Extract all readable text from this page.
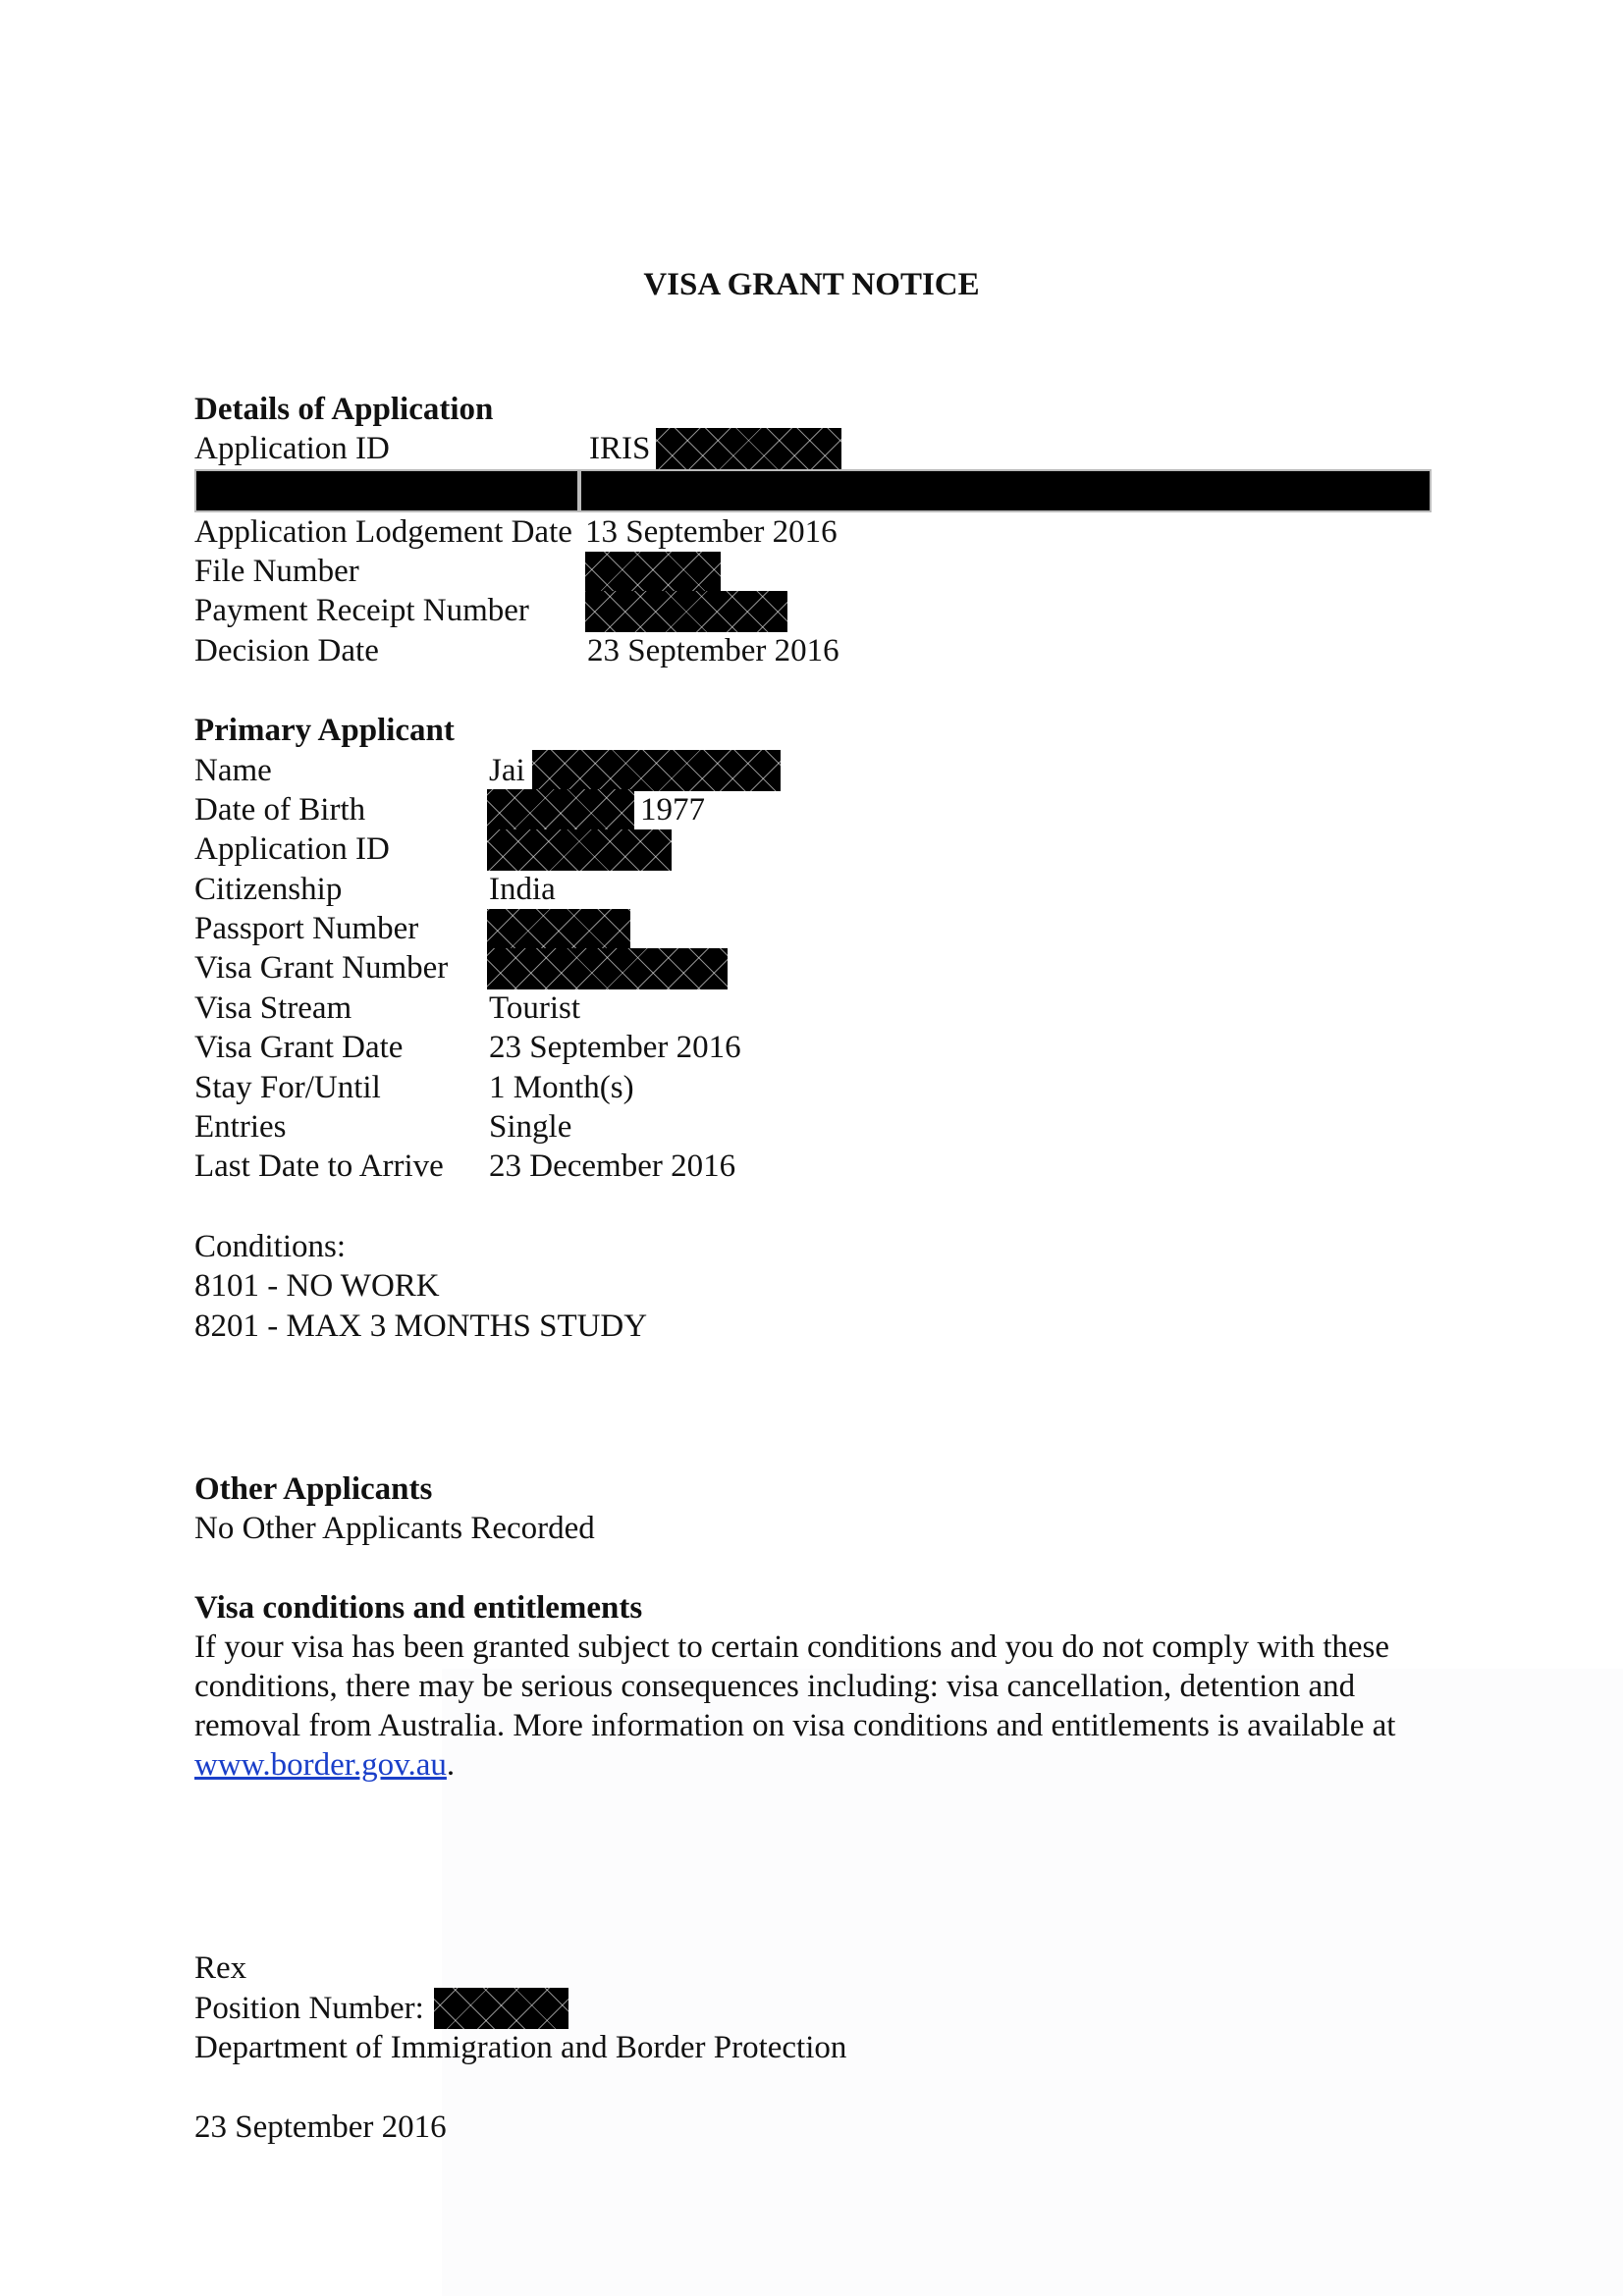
VISA GRANT NOTICE
Details of Application
Application ID	IRIS
Application Lodgement Date 13 September 2016
File Number
Payment Receipt Number
Decision Date	23 September 2016
Primary Applicant
Name	Jai
Date of Birth	1977
Application ID
Citizenship	India
Passport Number
Visa Grant Number
Visa Stream	Tourist
Visa Grant Date	23 September 2016
Stay For/Until	1 Month(s)
Entries	Single
Last Date to Arrive 23 December 2016
Conditions:
8101 - NO WORK
8201 - MAX 3 MONTHS STUDY
Other Applicants
No Other Applicants Recorded
Visa conditions and entitlements
If your visa has been granted subject to certain conditions and you do not comply with these conditions, there may be serious consequences including: visa cancellation, detention and removal from Australia. More information on visa conditions and entitlements is available at www.border.gov.au.
Rex
Position Number:
Department of Immigration and Border Protection
23 September 2016
